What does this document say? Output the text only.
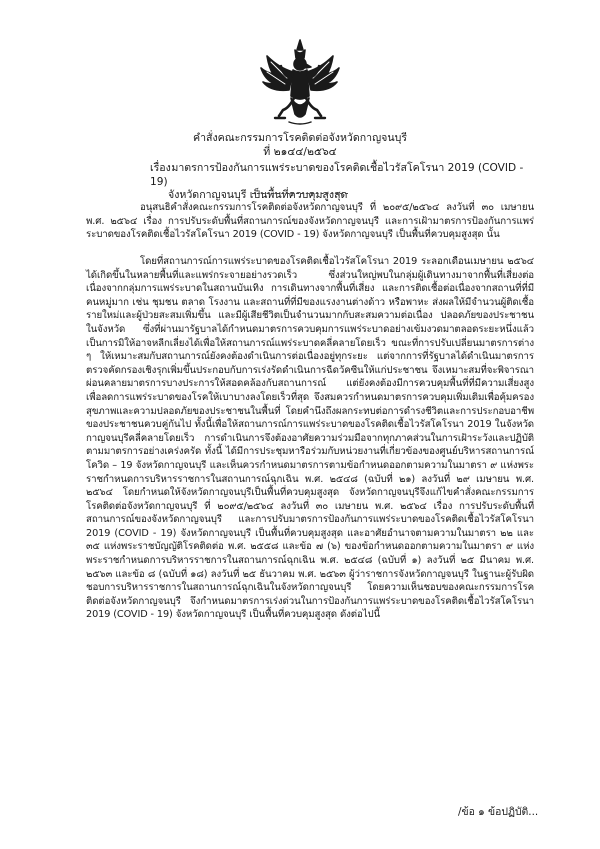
คำสั่งคณะกรรมการโรคติดต่อจังหวัดกาญจนบุรี
ที่ ๒๑๔๔/๒๕๖๔
เรื่อง มาตรการป้องกันการแพร่ระบาดของโรคติดเชื้อไวรัสโคโรนา 2019 (COVID - 19)
จังหวัดกาญจนบุรี เป็นพื้นที่ควบคุมสูงสุด

อนุสนธิคำสั่งคณะกรรมการโรคติดต่อจังหวัดกาญจนบุรี ที่ ๒๐๙๕/๒๕๖๔ ลงวันที่ ๓๐ เมษายน พ.ศ. ๒๕๖๔ เรื่อง การปรับระดับพื้นที่สถานการณ์ของจังหวัดกาญจนบุรี และการเฝ้ามาตรการป้องกันการแพร่ระบาดของโรคติดเชื้อไวรัสโคโรนา 2019 (COVID - 19) จังหวัดกาญจนบุรี เป็นพื้นที่ควบคุมสูงสุด นั้น

โดยที่สถานการณ์การแพร่ระบาดของโรคติดเชื้อไวรัสโคโรนา 2019 ระลอกเดือนเมษายน ๒๕๖๔ ได้เกิดขึ้นในหลายพื้นที่และแพร่กระจายอย่างรวดเร็ว ซึ่งส่วนใหญ่พบในกลุ่มผู้เดินทางมาจากพื้นที่เสี่ยงต่อเนื่องจากกลุ่มการแพร่ระบาดในสถานบันเทิง การเดินทางจากพื้นที่เสี่ยง และการติดเชื้อต่อเนื่องจากสถานที่ที่มีคนหมู่มาก เช่น ชุมชน ตลาด โรงงาน และสถานที่ที่มีของแรงงานต่างด้าว หรือพาหะ ส่งผลให้มีจำนวนผู้ติดเชื้อรายใหม่และผู้ป่วยสะสมเพิ่มขึ้น และมีผู้เสียชีวิตเป็นจำนวนมากกับสะสมความต่อเนื่อง ปลอดภัยของประชาชนในจังหวัด ซึ่งที่ผ่านมารัฐบาลได้กำหนดมาตรการควบคุมการแพร่ระบาดอย่างเข้มงวดมาตลอดระยะหนึ่งแล้ว เป็นการมิให้อาจหลีกเลี่ยงได้เพื่อให้สถานการณ์แพร่ระบาดคลี่คลายโดยเร็ว ขณะที่การปรับเปลี่ยนมาตรการต่าง ๆ ให้เหมาะสมกับสถานการณ์ยังคงต้องดำเนินการต่อเนื่องอยู่ทุกระยะ แต่จากการที่รัฐบาลได้ดำเนินมาตรการตรวจคัดกรองเชิงรุกเพิ่มขึ้นประกอบกับการเร่งรัดดำเนินการฉีดวัคซีนให้แก่ประชาชน จึงเหมาะสมที่จะพิจารณาผ่อนคลายมาตรการบางประการให้สอดคล้องกับสถานการณ์ แต่ยังคงต้องมีการควบคุมพื้นที่ที่มีความเสี่ยงสูง เพื่อลดการแพร่ระบาดของโรคให้เบาบางลงโดยเร็วที่สุด จึงสมควรกำหนดมาตรการควบคุมเพิ่มเติมเพื่อคุ้มครองสุขภาพและความปลอดภัยของประชาชนในพื้นที่ โดยคำนึงถึงผลกระทบต่อการดำรงชีวิตและการประกอบอาชีพของประชาชนควบคู่กันไป ทั้งนี้เพื่อให้สถานการณ์การแพร่ระบาดของโรคติดเชื้อไวรัสโคโรนา 2019 ในจังหวัดกาญจนบุรีคลี่คลายโดยเร็ว การดำเนินการจึงต้องอาศัยความร่วมมือจากทุกภาคส่วนในการเฝ้าระวังและปฏิบัติตามมาตรการอย่างเคร่งครัด ทั้งนี้ ได้มีการประชุมหารือร่วมกับหน่วยงานที่เกี่ยวข้องของศูนย์บริหารสถานการณ์โควิด – 19 จังหวัดกาญจนบุรี และเห็นควรกำหนดมาตรการตามข้อกำหนดออกตามความในมาตรา ๙ แห่งพระราชกำหนดการบริหารราชการในสถานการณ์ฉุกเฉิน พ.ศ. ๒๕๔๘ (ฉบับที่ ๒๑) ลงวันที่ ๒๙ เมษายน พ.ศ. ๒๕๖๔ โดยกำหนดให้จังหวัดกาญจนบุรีเป็นพื้นที่ควบคุมสูงสุด จังหวัดกาญจนบุรีจึงแก้ไขคำสั่งคณะกรรมการโรคติดต่อจังหวัดกาญจนบุรี ที่ ๒๐๙๕/๒๕๖๔ ลงวันที่ ๓๐ เมษายน พ.ศ. ๒๕๖๔ เรื่อง การปรับระดับพื้นที่สถานการณ์ของจังหวัดกาญจนบุรี และการปรับมาตรการป้องกันการแพร่ระบาดของโรคติดเชื้อไวรัสโคโรนา 2019 (COVID - 19) จังหวัดกาญจนบุรี เป็นพื้นที่ควบคุมสูงสุด และอาศัยอำนาจตามความในมาตรา ๒๒ และ ๓๕ แห่งพระราชบัญญัติโรคติดต่อ พ.ศ. ๒๕๕๘ และข้อ ๗ (๖) ของข้อกำหนดออกตามความในมาตรา ๙ แห่งพระราชกำหนดการบริหารราชการในสถานการณ์ฉุกเฉิน พ.ศ. ๒๕๔๘ (ฉบับที่ ๑) ลงวันที่ ๒๕ มีนาคม พ.ศ. ๒๕๖๓ และข้อ ๘ (ฉบับที่ ๑๘) ลงวันที่ ๒๕ ธันวาคม พ.ศ. ๒๕๖๓ ผู้ว่าราชการจังหวัดกาญจนบุรี ในฐานะผู้รับผิดชอบการบริหารราชการในสถานการณ์ฉุกเฉินในจังหวัดกาญจนบุรี โดยความเห็นชอบของคณะกรรมการโรคติดต่อจังหวัดกาญจนบุรี จึงกำหนดมาตรการเร่งด่วนในการป้องกันการแพร่ระบาดของโรคติดเชื้อไวรัสโคโรนา 2019 (COVID - 19) จังหวัดกาญจนบุรี เป็นพื้นที่ควบคุมสูงสุด ดังต่อไปนี้

/ข้อ ๑ ข้อปฏิบัติ...
